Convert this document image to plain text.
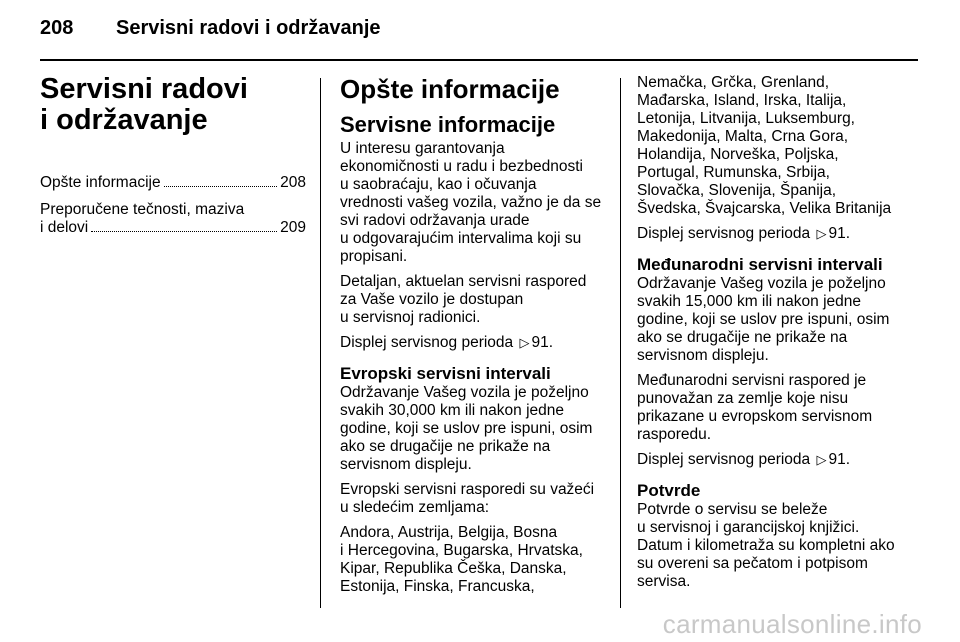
208 Servisni radovi i održavanje
Servisni radovi
i održavanje
Opšte informacije	208
Preporučene tečnosti, maziva
i delovi	209
Opšte informacije
Servisne informacije
U interesu garantovanja
ekonomičnosti u radu i bezbednosti
u saobraćaju, kao i očuvanja
vrednosti vašeg vozila, važno je da se
svi radovi održavanja urade
u odgovarajućim intervalima koji su
propisani.
Detaljan, aktuelan servisni raspored
za Vaše vozilo je dostupan
u servisnoj radionici.
Displej servisnog perioda ▷ 91.
Evropski servisni intervali
Održavanje Vašeg vozila je poželjno
svakih 30,000 km ili nakon jedne
godine, koji se uslov pre ispuni, osim
ako se drugačije ne prikaže na
servisnom displeju.
Evropski servisni rasporedi su važeći
u sledećim zemljama:
Andora, Austrija, Belgija, Bosna
i Hercegovina, Bugarska, Hrvatska,
Kipar, Republika Češka, Danska,
Estonija, Finska, Francuska,
Nemačka, Grčka, Grenland,
Mađarska, Island, Irska, Italija,
Letonija, Litvanija, Luksemburg,
Makedonija, Malta, Crna Gora,
Holandija, Norveška, Poljska,
Portugal, Rumunska, Srbija,
Slovačka, Slovenija, Španija,
Švedska, Švajcarska, Velika Britanija
Displej servisnog perioda ▷ 91.
Međunarodni servisni intervali
Održavanje Vašeg vozila je poželjno
svakih 15,000 km ili nakon jedne
godine, koji se uslov pre ispuni, osim
ako se drugačije ne prikaže na
servisnom displeju.
Međunarodni servisni raspored je
punovažan za zemlje koje nisu
prikazane u evropskom servisnom
rasporedu.
Displej servisnog perioda ▷ 91.
Potvrde
Potvrde o servisu se beleže
u servisnoj i garancijskoj knjižici.
Datum i kilometraža su kompletni ako
su overeni sa pečatom i potpisom
servisa.
carmanualsonline.info
